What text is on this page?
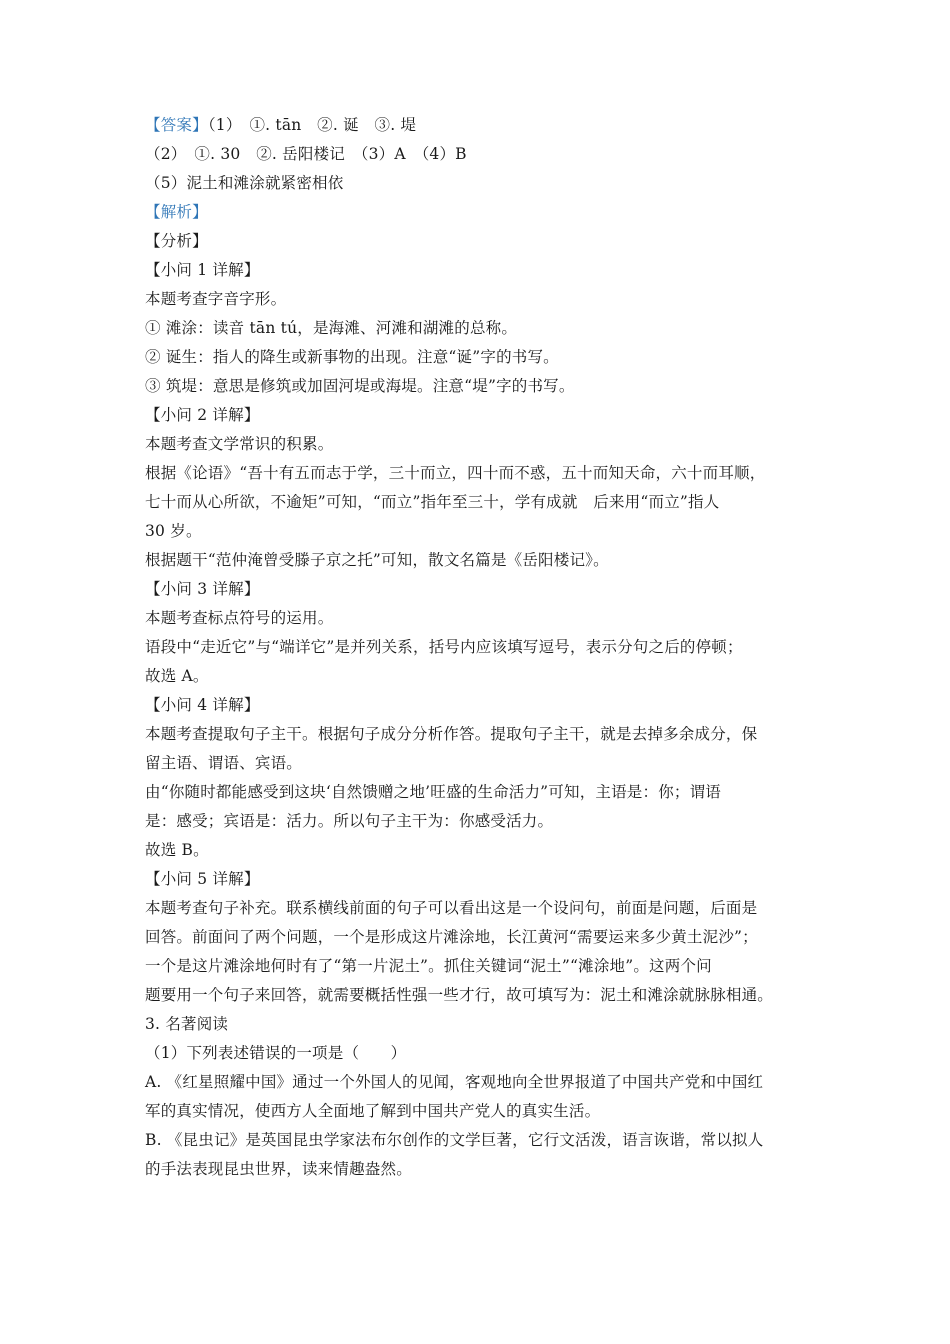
【答案】（1）　①. tān　②. 诞　③. 堤
（2）　①. 30　②. 岳阳楼记　（3）A　（4）B
（5）泥土和滩涂就紧密相依
【解析】
【分析】
【小问 1 详解】
本题考查字音字形。
① 滩涂：读音 tān tú，是海滩、河滩和湖滩的总称。
② 诞生：指人的降生或新事物的出现。注意“诞”字的书写。
③ 筑堤：意思是修筑或加固河堤或海堤。注意“堤”字的书写。
【小问 2 详解】
本题考查文学常识的积累。
根据《论语》“吾十有五而志于学，三十而立，四十而不惑，五十而知天命，六十而耳顺，
七十而从心所欲，不逾矩”可知，“而立”指年至三十，学有成就　后来用“而立”指人
30 岁。
根据题干“范仲淹曾受滕子京之托”可知，散文名篇是《岳阳楼记》。
【小问 3 详解】
本题考查标点符号的运用。
语段中“走近它”与“端详它”是并列关系，括号内应该填写逗号，表示分句之后的停顿；
故选 A。
【小问 4 详解】
本题考查提取句子主干。根据句子成分分析作答。提取句子主干，就是去掉多余成分，保
留主语、谓语、宾语。
由“你随时都能感受到这块‘自然馈赠之地’旺盛的生命活力”可知，主语是：你；谓语
是：感受；宾语是：活力。所以句子主干为：你感受活力。
故选 B。
【小问 5 详解】
本题考查句子补充。联系横线前面的句子可以看出这是一个设问句，前面是问题，后面是
回答。前面问了两个问题，一个是形成这片滩涂地，长江黄河“需要运来多少黄土泥沙”；
一个是这片滩涂地何时有了“第一片泥土”。抓住关键词“泥土”“滩涂地”。这两个问
题要用一个句子来回答，就需要概括性强一些才行，故可填写为：泥土和滩涂就脉脉相通。
3. 名著阅读
（1）下列表述错误的一项是（　　）
A. 《红星照耀中国》通过一个外国人的见闻，客观地向全世界报道了中国共产党和中国红
军的真实情况，使西方人全面地了解到中国共产党人的真实生活。
B. 《昆虫记》是英国昆虫学家法布尔创作的文学巨著，它行文活泼，语言诙谐，常以拟人
的手法表现昆虫世界，读来情趣盎然。
